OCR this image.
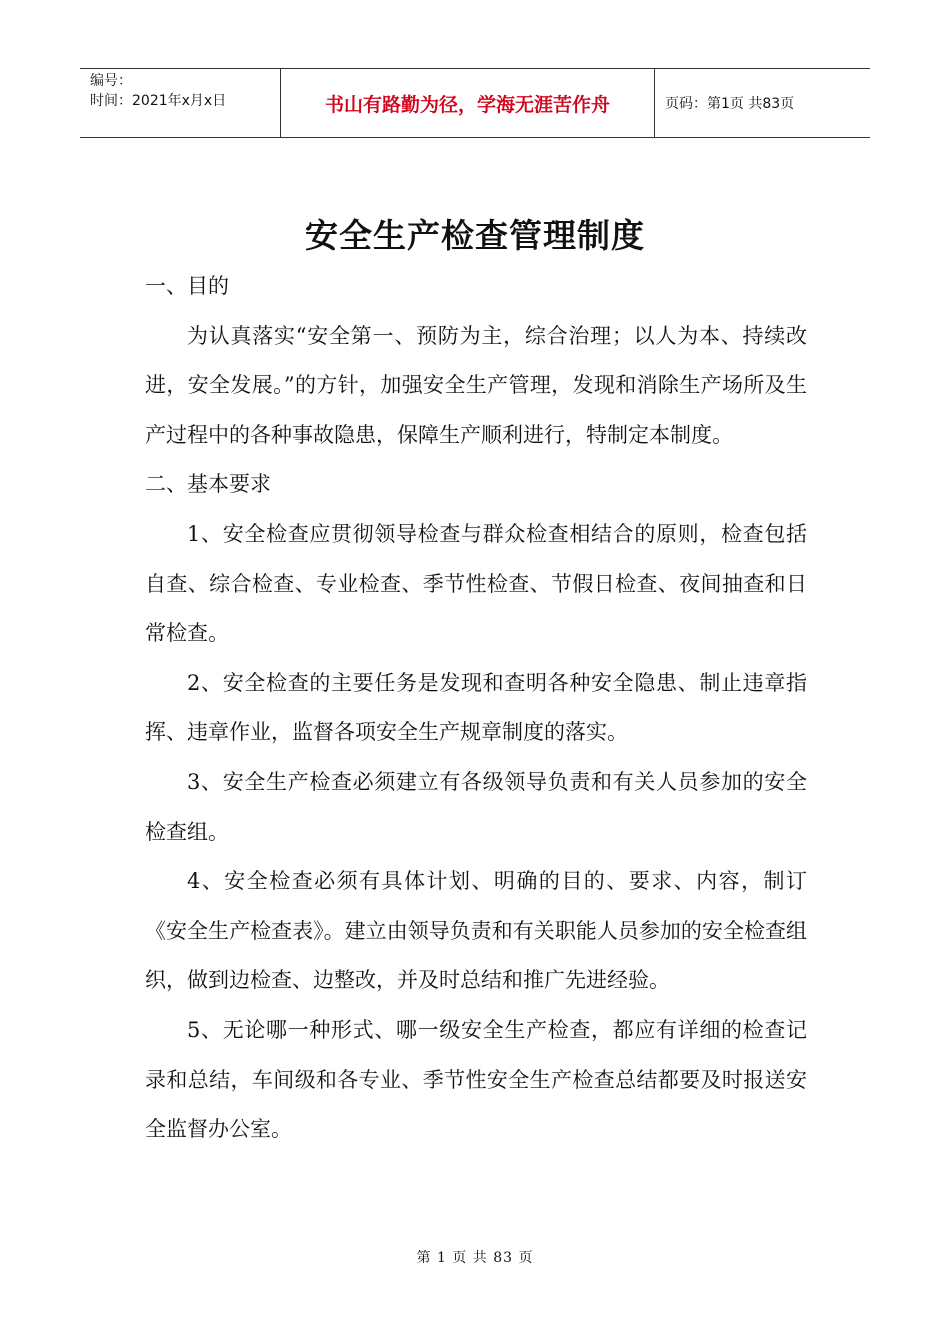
编号：
时间：2021年x月x日	书山有路勤为径，学海无涯苦作舟	页码：第1页 共83页
安全生产检查管理制度

一、目的

为认真落实“安全第一、预防为主，综合治理；以人为本、持续改进，安全发展。”的方针，加强安全生产管理，发现和消除生产场所及生产过程中的各种事故隐患，保障生产顺利进行，特制定本制度。

二、基本要求

1、安全检查应贯彻领导检查与群众检查相结合的原则，检查包括自查、综合检查、专业检查、季节性检查、节假日检查、夜间抽查和日常检查。

2、安全检查的主要任务是发现和查明各种安全隐患、制止违章指挥、违章作业，监督各项安全生产规章制度的落实。

3、安全生产检查必须建立有各级领导负责和有关人员参加的安全检查组。

4、安全检查必须有具体计划、明确的目的、要求、内容，制订《安全生产检查表》。建立由领导负责和有关职能人员参加的安全检查组织，做到边检查、边整改，并及时总结和推广先进经验。

5、无论哪一种形式、哪一级安全生产检查，都应有详细的检查记录和总结，车间级和各专业、季节性安全生产检查总结都要及时报送安全监督办公室。

第 1 页 共 83 页
